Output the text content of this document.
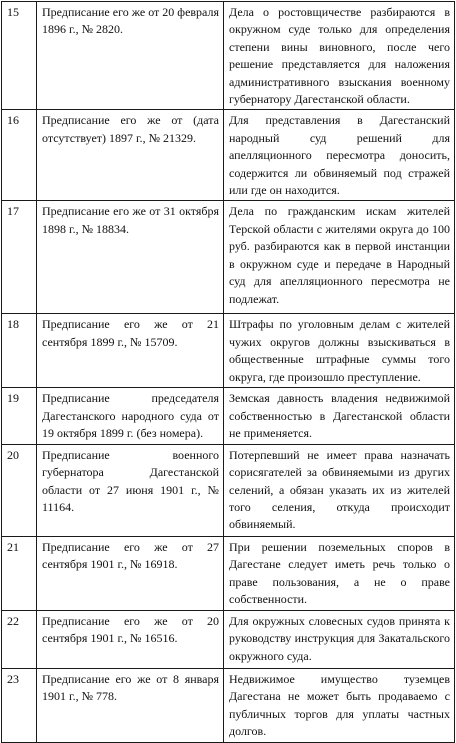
15	Предписание его же от 20 февраля 1896 г., № 2820.	Дела о ростовщичестве разбираются в окружном суде только для определения степени вины виновного, после чего решение представляется для наложения административного взыскания военному губернатору Дагестанской области.
16	Предписание его же от (дата отсутствует) 1897 г., № 21329.	Для представления в Дагестанский народный суд решений для апелляционного пересмотра доносить, содержится ли обвиняемый под стражей или где он находится.
17	Предписание его же от 31 октября 1898 г., № 18834.	Дела по гражданским искам жителей Терской области с жителями округа до 100 руб. разбираются как в первой инстанции в окружном суде и передаче в Народный суд для апелляционного пересмотра не подлежат.
18	Предписание его же от 21 сентября 1899 г., № 15709.	Штрафы по уголовным делам с жителей чужих округов должны взыскиваться в общественные штрафные суммы того округа, где произошло преступление.
19	Предписание председателя Дагестанского народного суда от 19 октября 1899 г. (без номера).	Земская давность владения недвижимой собственностью в Дагестанской области не применяется.
20	Предписание военного губернатора Дагестанской области от 27 июня 1901 г., № 11164.	Потерпевший не имеет права назначать сорисягателей за обвиняемыми из других селений, а обязан указать их из жителей того селения, откуда происходит обвиняемый.
21	Предписание его же от 27 сентября 1901 г., № 16918.	При решении поземельных споров в Дагестане следует иметь речь только о праве пользования, а не о праве собственности.
22	Предписание его же от 20 сентября 1901 г., № 16516.	Для окружных словесных судов принята к руководству инструкция для Закатальского окружного суда.
23	Предписание его же от 8 января 1901 г., № 778.	Недвижимое имущество туземцев Дагестана не может быть продаваемо с публичных торгов для уплаты частных долгов.
